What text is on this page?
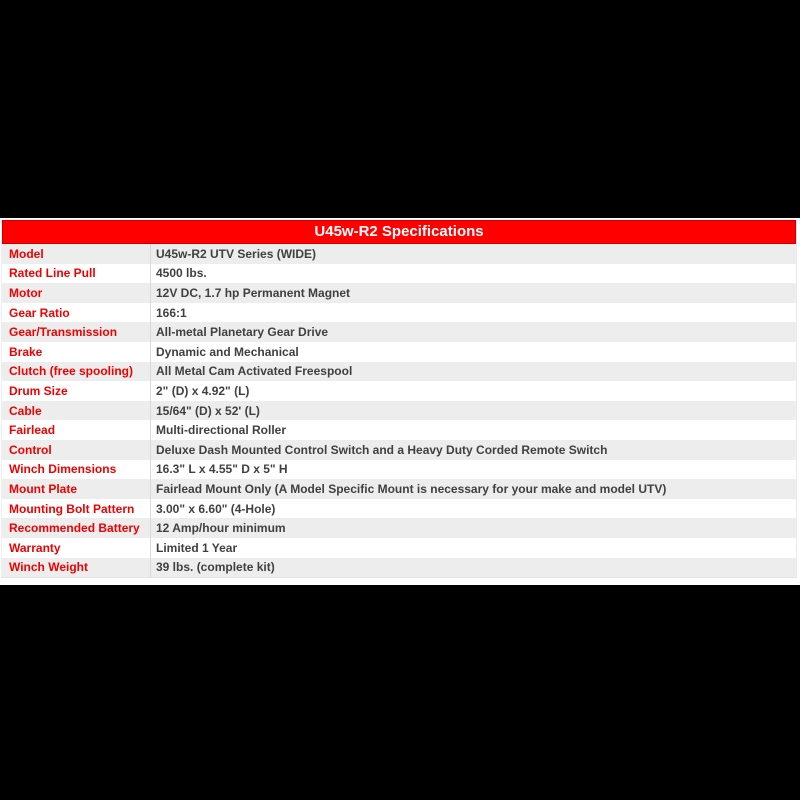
U45w-R2 Specifications
Model	U45w-R2 UTV Series (WIDE)
Rated Line Pull	4500 lbs.
Motor	12V DC, 1.7 hp Permanent Magnet
Gear Ratio	166:1
Gear/Transmission	All-metal Planetary Gear Drive
Brake	Dynamic and Mechanical
Clutch (free spooling)	All Metal Cam Activated Freespool
Drum Size	2" (D) x 4.92" (L)
Cable	15/64" (D) x 52' (L)
Fairlead	Multi-directional Roller
Control	Deluxe Dash Mounted Control Switch and a Heavy Duty Corded Remote Switch
Winch Dimensions	16.3" L x 4.55" D x 5" H
Mount Plate	Fairlead Mount Only (A Model Specific Mount is necessary for your make and model UTV)
Mounting Bolt Pattern	3.00" x 6.60" (4-Hole)
Recommended Battery	12 Amp/hour minimum
Warranty	Limited 1 Year
Winch Weight	39 lbs. (complete kit)
